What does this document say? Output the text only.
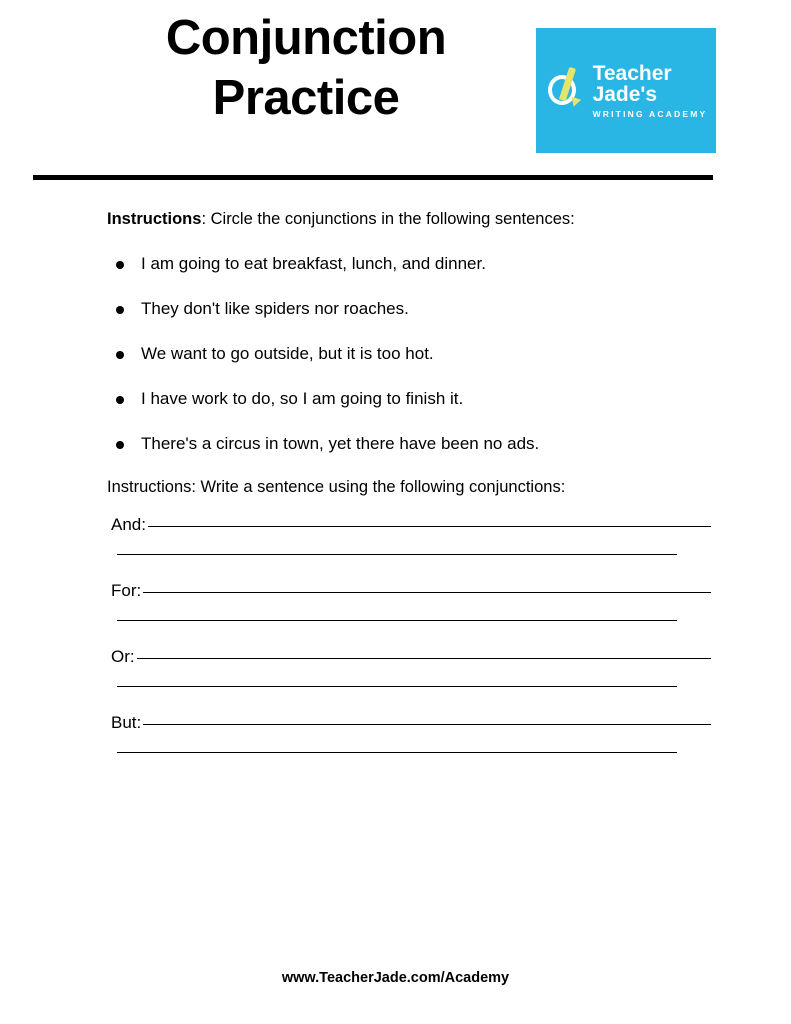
Conjunction
Practice	Teacher
Jade's
WRITING ACADEMY

Instructions: Circle the conjunctions in the following sentences:

I am going to eat breakfast, lunch, and dinner.
They don't like spiders nor roaches.
We want to go outside, but it is too hot.
I have work to do, so I am going to finish it.
There's a circus in town, yet there have been no ads.

Instructions: Write a sentence using the following conjunctions:

And:
For:
Or:
But:
www.TeacherJade.com/Academy
